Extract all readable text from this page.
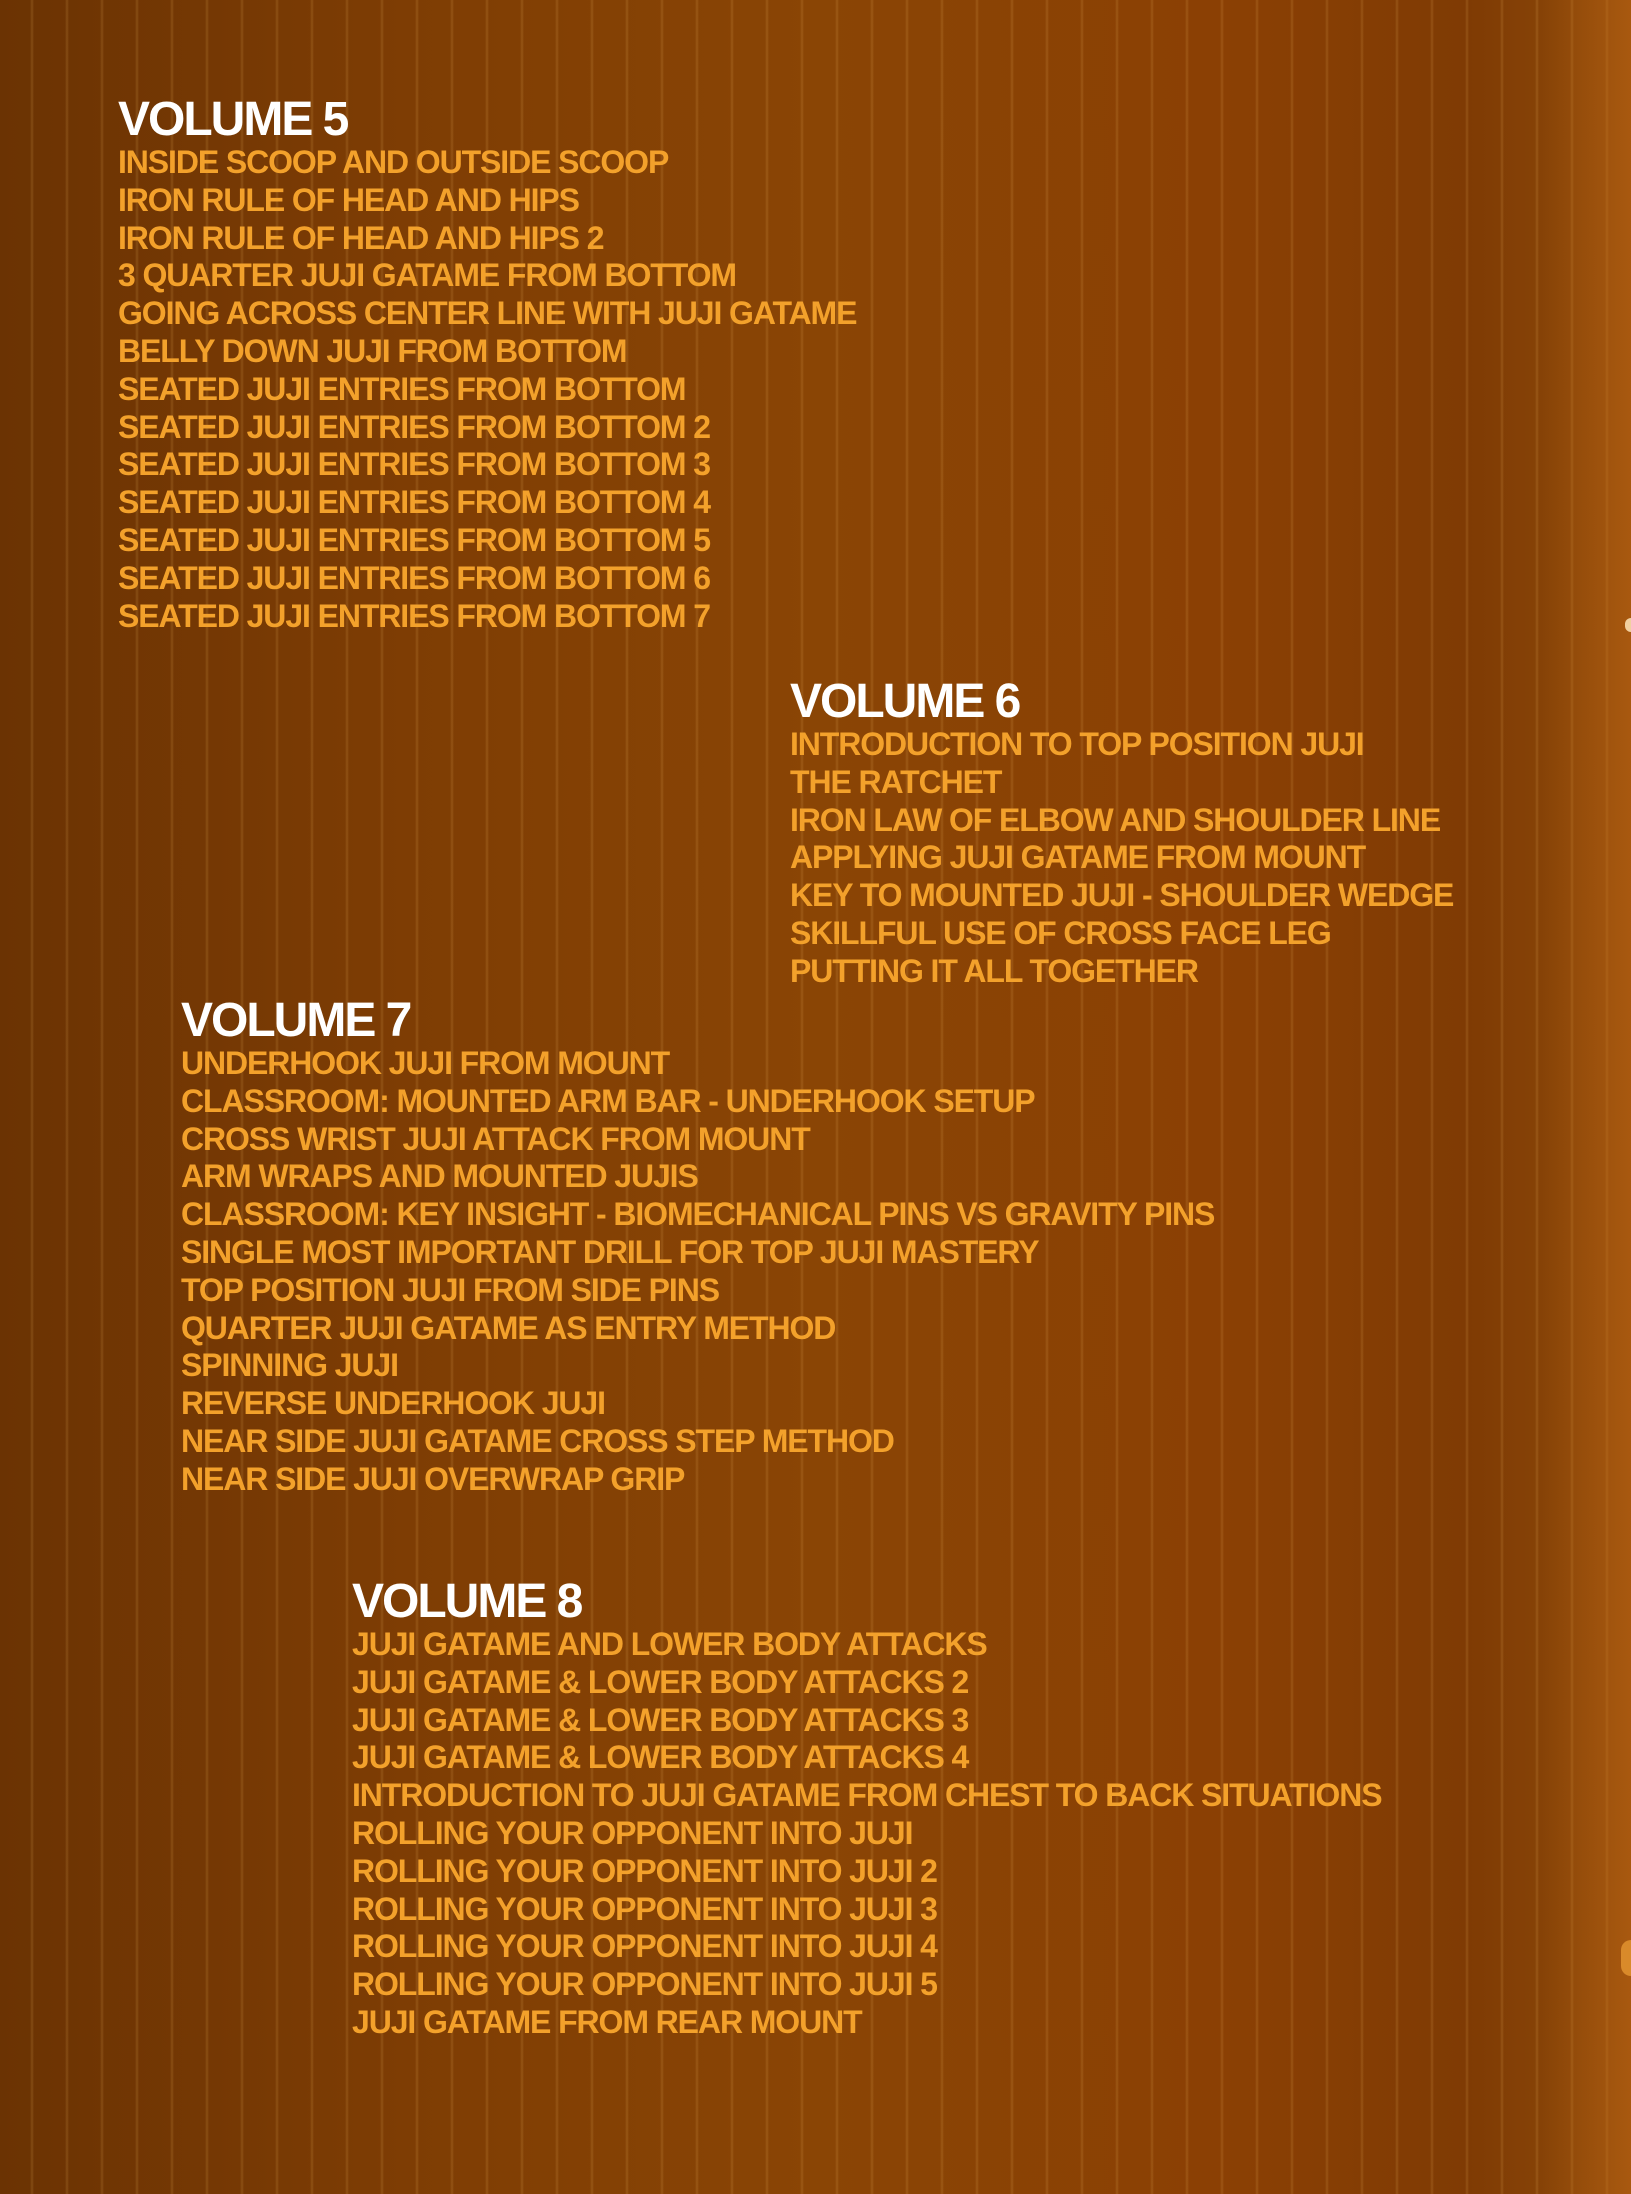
VOLUME 5
INSIDE SCOOP AND OUTSIDE SCOOP
IRON RULE OF HEAD AND HIPS
IRON RULE OF HEAD AND HIPS 2
3 QUARTER JUJI GATAME FROM BOTTOM
GOING ACROSS CENTER LINE WITH JUJI GATAME
BELLY DOWN JUJI FROM BOTTOM
SEATED JUJI ENTRIES FROM BOTTOM
SEATED JUJI ENTRIES FROM BOTTOM 2
SEATED JUJI ENTRIES FROM BOTTOM 3
SEATED JUJI ENTRIES FROM BOTTOM 4
SEATED JUJI ENTRIES FROM BOTTOM 5
SEATED JUJI ENTRIES FROM BOTTOM 6
SEATED JUJI ENTRIES FROM BOTTOM 7
VOLUME 6
INTRODUCTION TO TOP POSITION JUJI
THE RATCHET
IRON LAW OF ELBOW AND SHOULDER LINE
APPLYING JUJI GATAME FROM MOUNT
KEY TO MOUNTED JUJI - SHOULDER WEDGE
SKILLFUL USE OF CROSS FACE LEG
PUTTING IT ALL TOGETHER
VOLUME 7
UNDERHOOK JUJI FROM MOUNT
CLASSROOM: MOUNTED ARM BAR - UNDERHOOK SETUP
CROSS WRIST JUJI ATTACK FROM MOUNT
ARM WRAPS AND MOUNTED JUJIS
CLASSROOM: KEY INSIGHT - BIOMECHANICAL PINS VS GRAVITY PINS
SINGLE MOST IMPORTANT DRILL FOR TOP JUJI MASTERY
TOP POSITION JUJI FROM SIDE PINS
QUARTER JUJI GATAME AS ENTRY METHOD
SPINNING JUJI
REVERSE UNDERHOOK JUJI
NEAR SIDE JUJI GATAME CROSS STEP METHOD
NEAR SIDE JUJI OVERWRAP GRIP
VOLUME 8
JUJI GATAME AND LOWER BODY ATTACKS
JUJI GATAME & LOWER BODY ATTACKS 2
JUJI GATAME & LOWER BODY ATTACKS 3
JUJI GATAME & LOWER BODY ATTACKS 4
INTRODUCTION TO JUJI GATAME FROM CHEST TO BACK SITUATIONS
ROLLING YOUR OPPONENT INTO JUJI
ROLLING YOUR OPPONENT INTO JUJI 2
ROLLING YOUR OPPONENT INTO JUJI 3
ROLLING YOUR OPPONENT INTO JUJI 4
ROLLING YOUR OPPONENT INTO JUJI 5
JUJI GATAME FROM REAR MOUNT
